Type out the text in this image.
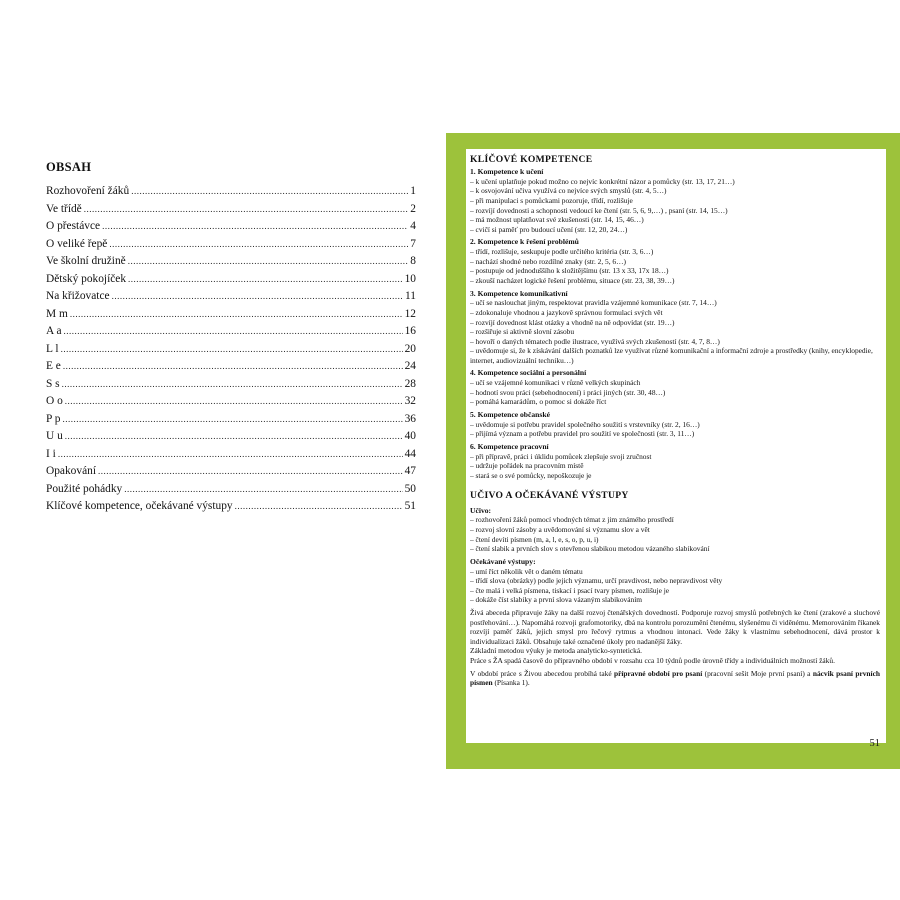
OBSAH
Rozhovoření žáků .....	1
Ve třídě .....	2
O přestávce .....	4
O veliké řepě .....	7
Ve školní družině .....	8
Dětský pokojíček .....	10
Na křižovatce .....	11
M m .....	12
A a .....	16
L l .....	20
E e .....	24
S s .....	28
O o .....	32
P p .....	36
U u .....	40
I i .....	44
Opakování .....	47
Použité pohádky .....	50
Klíčové kompetence, očekávané výstupy .....	51
KLÍČOVÉ KOMPETENCE
1. Kompetence k učení
– k učení uplatňuje pokud možno co nejvíc konkrétní názor a pomůcky (str. 13, 17, 21…)
– k osvojování učiva využívá co nejvíce svých smyslů (str. 4, 5…)
– při manipulaci s pomůckami pozoruje, třídí, rozlišuje
– rozvíjí dovednosti a schopnosti vedoucí ke čtení (str. 5, 6, 9,…) , psaní (str. 14, 15…)
– má možnost uplatňovat své zkušenosti (str. 14, 15, 46…)
– cvičí si paměť pro budoucí učení (str. 12, 20, 24…)
2. Kompetence k řešení problémů
– třídí, rozlišuje, seskupuje podle určitého kritéria (str. 3, 6…)
– nachází shodné nebo rozdílné znaky (str. 2, 5, 6…)
– postupuje od jednoduššího k složitějšímu (str. 13 x 33, 17x 18…)
– zkouší nacházet logické řešení problému, situace (str. 23, 38, 39…)
3. Kompetence komunikativní
– učí se naslouchat jiným, respektovat pravidla vzájemné komunikace (str. 7, 14…)
– zdokonaluje vhodnou a jazykově správnou formulaci svých vět
– rozvíjí dovednost klást otázky a vhodně na ně odpovídat (str. 19…)
– rozšiřuje si aktivně slovní zásobu
– hovoří o daných tématech podle ilustrace, využívá svých zkušeností (str. 4, 7, 8…)
– uvědomuje si, že k získávání dalších poznatků lze využívat různé komunikační a informační zdroje a prostředky (knihy, encyklopedie, internet, audiovizuální techniku…)
4. Kompetence sociální a personální
– učí se vzájemné komunikaci v různě velkých skupinách
– hodnotí svou práci (sebehodnocení) i práci jiných (str. 30, 48…)
– pomáhá kamarádům, o pomoc si dokáže říct
5. Kompetence občanské
– uvědomuje si potřebu pravidel společného soužití s vrstevníky (str. 2, 16…)
– přijímá význam a potřebu pravidel pro soužití ve společnosti (str. 3, 11…)
6. Kompetence pracovní
– při přípravě, práci i úklidu pomůcek zlepšuje svoji zručnost
– udržuje pořádek na pracovním místě
– stará se o své pomůcky, nepoškozuje je
UČIVO A OČEKÁVANÉ VÝSTUPY
Učivo:
– rozhovoření žáků pomocí vhodných témat z jim známého prostředí
– rozvoj slovní zásoby a uvědomování si významu slov a vět
– čtení devíti písmen (m, a, l, e, s, o, p, u, i)
– čtení slabik a prvních slov s otevřenou slabikou metodou vázaného slabikování
Očekávané výstupy:
– umí říct několik vět o daném tématu
– třídí slova (obrázky) podle jejich významu, určí pravdivost, nebo nepravdivost věty
– čte malá i velká písmena, tiskací i psací tvary písmen, rozlišuje je
– dokáže číst slabiky a první slova vázaným slabikováním
Živá abeceda připravuje žáky na další rozvoj čtenářských dovedností. Podporuje rozvoj smyslů potřebných ke čtení (zrakové a sluchové postřehování…). Napomáhá rozvoji grafomotoriky, dbá na kontrolu porozumění čtenému, slyšenému či viděnému. Memorováním říkanek rozvíjí paměť žáků, jejich smysl pro řečový rytmus a vhodnou intonaci. Vede žáky k vlastnímu sebehodnocení, dává prostor k individualizaci žáků. Obsahuje také označené úkoly pro nadanější žáky.
Základní metodou výuky je metoda analyticko-syntetická.
Práce s ŽA spadá časově do přípravného období v rozsahu cca 10 týdnů podle úrovně třídy a individuálních možností žáků.
V období práce s Živou abecedou probíhá také přípravné období pro psaní (pracovní sešit Moje první psaní) a nácvik psaní prvních písmen (Písanka 1).
51
